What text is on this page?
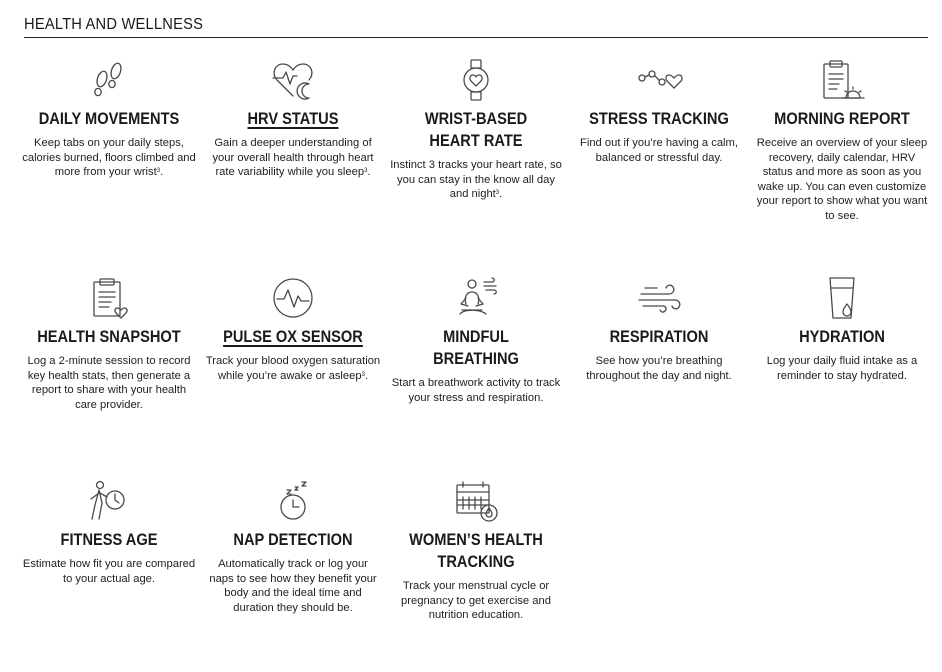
HEALTH AND WELLNESS
DAILY MOVEMENTS

Keep tabs on your daily steps, calories burned, floors climbed and more from your wrist$^3$.

HRV STATUS

Gain a deeper understanding of your overall health through heart rate variability while you sleep$^3$.

WRIST-BASED HEART RATE

Instinct 3 tracks your heart rate, so you can stay in the know all day and night$^3$.

STRESS TRACKING

Find out if you’re having a calm, balanced or stressful day.

MORNING REPORT

Receive an overview of your sleep recovery, daily calendar, HRV status and more as soon as you wake up. You can even customize your report to show what you want to see.

HEALTH SNAPSHOT

Log a 2-minute session to record key health stats, then generate a report to share with your health care provider.

PULSE OX SENSOR

Track your blood oxygen saturation while you’re awake or asleep$^3$.

MINDFUL BREATHING

Start a breathwork activity to track your stress and respiration.

RESPIRATION

See how you’re breathing throughout the day and night.

HYDRATION

Log your daily fluid intake as a reminder to stay hydrated.

FITNESS AGE

Estimate how fit you are compared to your actual age.

NAP DETECTION

Automatically track or log your naps to see how they benefit your body and the ideal time and duration they should be.

WOMEN’S HEALTH TRACKING

Track your menstrual cycle or pregnancy to get exercise and nutrition education.
